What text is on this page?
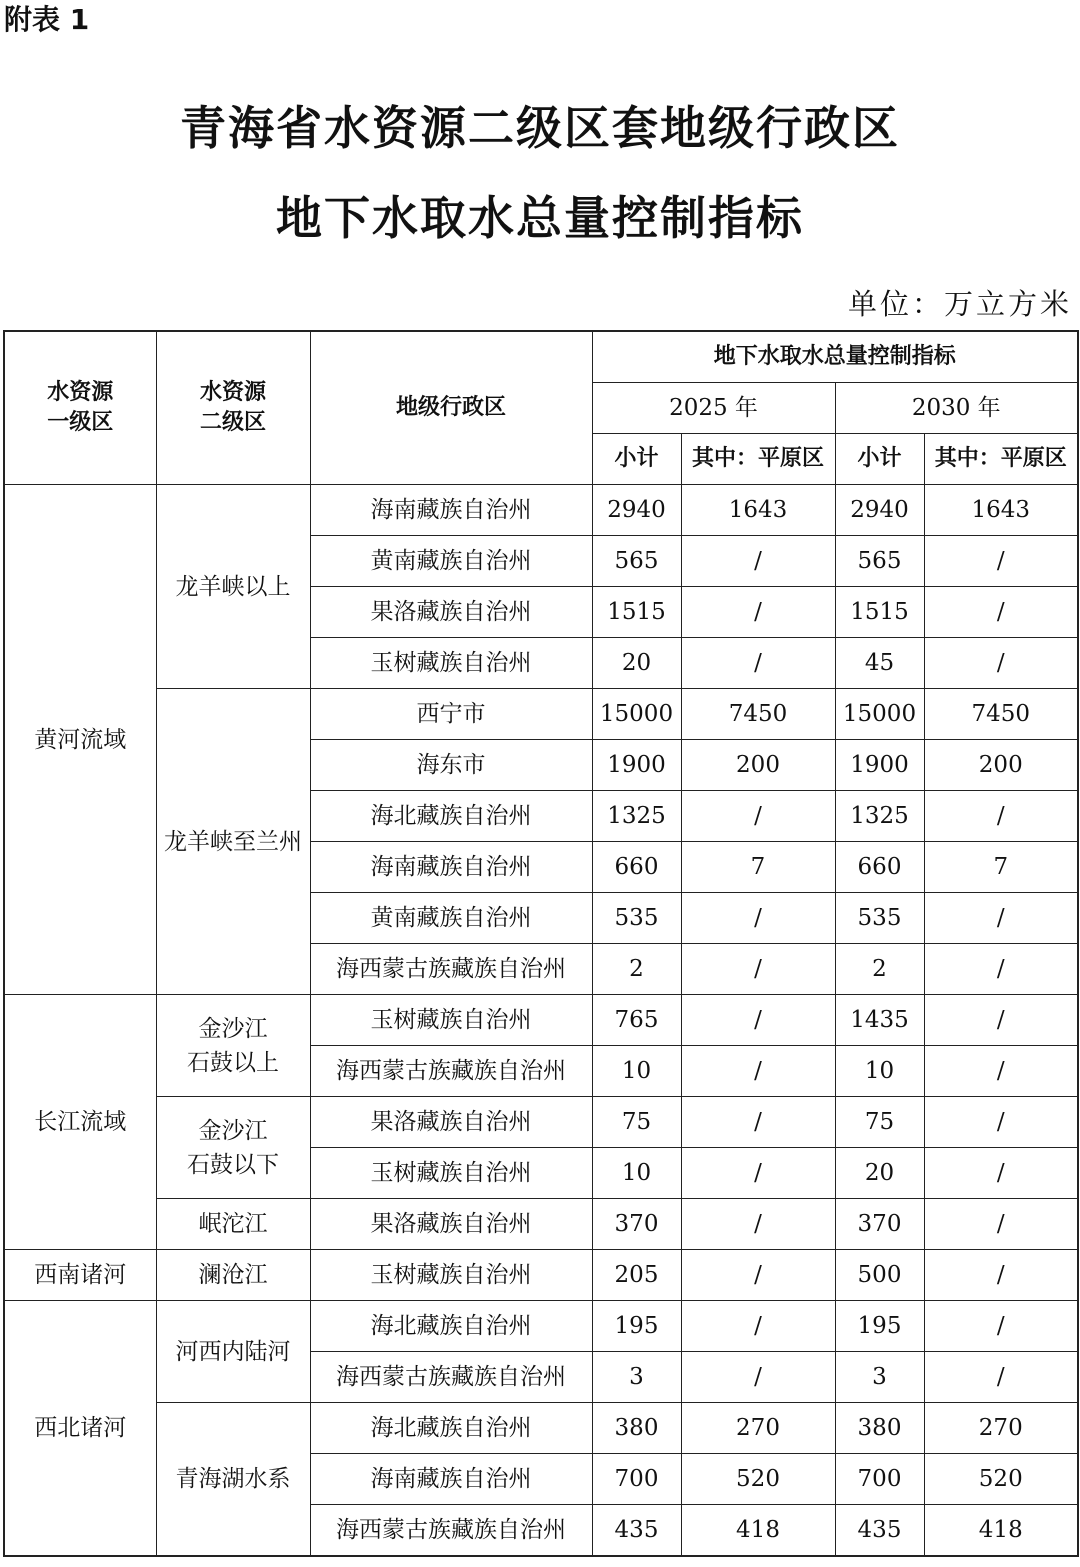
附表 1
青海省水资源二级区套地级行政区
地下水取水总量控制指标
单位：万立方米
水资源
一级区	水资源
二级区	地级行政区	地下水取水总量控制指标			
			2025 年		2030 年	
			小计	其中：平原区	小计	其中：平原区
黄河流域	龙羊峡以上	海南藏族自治州	2940	1643	2940	1643
		黄南藏族自治州	565	/	565	/
		果洛藏族自治州	1515	/	1515	/
		玉树藏族自治州	20	/	45	/
	龙羊峡至兰州	西宁市	15000	7450	15000	7450
		海东市	1900	200	1900	200
		海北藏族自治州	1325	/	1325	/
		海南藏族自治州	660	7	660	7
		黄南藏族自治州	535	/	535	/
		海西蒙古族藏族自治州	2	/	2	/
长江流域	金沙江
石鼓以上	玉树藏族自治州	765	/	1435	/
		海西蒙古族藏族自治州	10	/	10	/
	金沙江
石鼓以下	果洛藏族自治州	75	/	75	/
		玉树藏族自治州	10	/	20	/
	岷沱江	果洛藏族自治州	370	/	370	/
西南诸河	澜沧江	玉树藏族自治州	205	/	500	/
西北诸河	河西内陆河	海北藏族自治州	195	/	195	/
		海西蒙古族藏族自治州	3	/	3	/
	青海湖水系	海北藏族自治州	380	270	380	270
		海南藏族自治州	700	520	700	520
		海西蒙古族藏族自治州	435	418	435	418
